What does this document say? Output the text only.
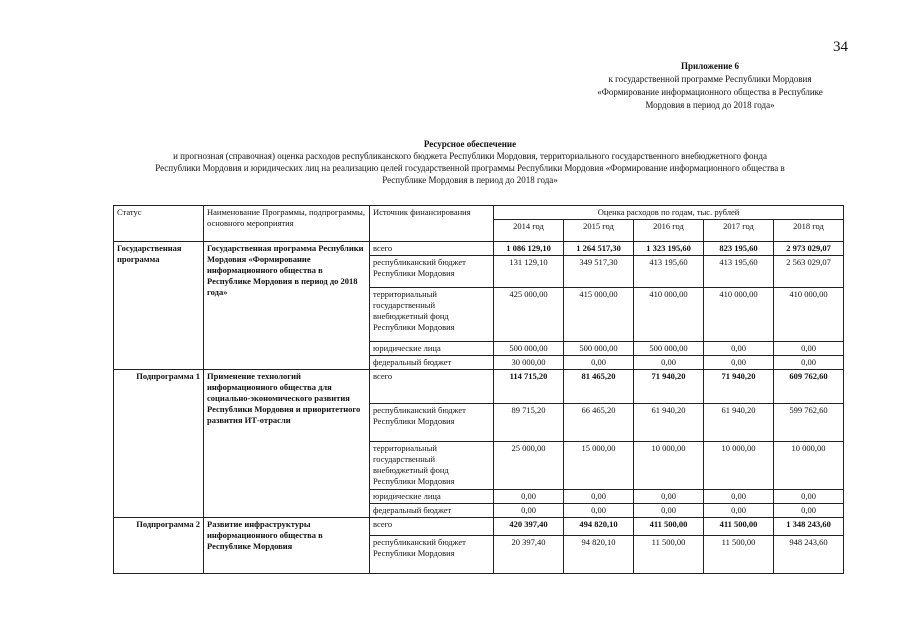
34
Приложение 6
к государственной программе Республики Мордовия
«Формирование информационного общества в Республике
Мордовия в период до 2018 года»
Ресурсное обеспечение
и прогнозная (справочная) оценка расходов республиканского бюджета Республики Мордовия, территориального государственного внебюджетного фонда
Республики Мордовия и юридических лиц на реализацию целей государственной программы Республики Мордовия «Формирование информационного общества в
Республике Мордовия в период до 2018 года»
Статус	Наименование Программы, подпрограммы, основного мероприятия	Источник финансирования	Оценка расходов по годам, тыс. рублей				
			2014 год	2015 год	2016 год	2017 год	2018 год
Государственная программа	Государственная программа Республики Мордовия «Формирование информационного общества в Республике Мордовия в период до 2018 года»	всего	1 086 129,10	1 264 517,30	1 323 195,60	823 195,60	2 973 029,07
		республиканский бюджет Республики Мордовия	131 129,10	349 517,30	413 195,60	413 195,60	2 563 029,07
		территориальный государственный внебюджетный фонд Республики Мордовия	425 000,00	415 000,00	410 000,00	410 000,00	410 000,00
		юридические лица	500 000,00	500 000,00	500 000,00	0,00	0,00
		федеральный бюджет	30 000,00	0,00	0,00	0,00	0,00
Подпрограмма 1	Применение технологий информационного общества для социально-экономического развития Республики Мордовия и приоритетного развития ИТ-отрасли	всего	114 715,20	81 465,20	71 940,20	71 940,20	609 762,60
		республиканский бюджет Республики Мордовия	89 715,20	66 465,20	61 940,20	61 940,20	599 762,60
		территориальный государственный внебюджетный фонд Республики Мордовия	25 000,00	15 000,00	10 000,00	10 000,00	10 000,00
		юридические лица	0,00	0,00	0,00	0,00	0,00
		федеральный бюджет	0,00	0,00	0,00	0,00	0,00
Подпрограмма 2	Развитие инфраструктуры информационного общества в Республике Мордовия	всего	420 397,40	494 820,10	411 500,00	411 500,00	1 348 243,60
		республиканский бюджет Республики Мордовия	20 397,40	94 820,10	11 500,00	11 500,00	948 243,60
